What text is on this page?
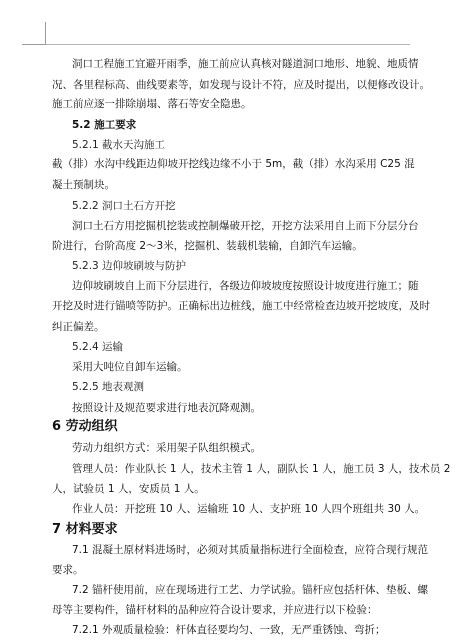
洞口工程施工宜避开雨季，施工前应认真核对隧道洞口地形、地貌、地质情
况、各里程标高、曲线要素等，如发现与设计不符，应及时提出，以便修改设计。
施工前应逐一排除崩塌、落石等安全隐患。
5.2 施工要求
5.2.1 截水天沟施工
截（排）水沟中线距边仰坡开挖线边缘不小于 5m，截（排）水沟采用 C25 混
凝土预制块。
5.2.2 洞口土石方开挖
洞口土石方用挖掘机挖装或控制爆破开挖，开挖方法采用自上而下分层分台
阶进行，台阶高度 2～3米，挖掘机、装载机装输，自卸汽车运输。
5.2.3 边仰坡刷坡与防护
边仰坡刷坡自上而下分层进行，各级边仰坡坡度按照设计坡度进行施工；随
开挖及时进行锚喷等防护。正确标出边桩线，施工中经常检查边坡开挖坡度，及时
纠正偏差。
5.2.4 运输
采用大吨位自卸车运输。
5.2.5 地表观测
按照设计及规范要求进行地表沉降观测。
6 劳动组织
劳动力组织方式：采用架子队组织模式。
管理人员：作业队长 1 人，技术主管 1 人，副队长 1 人，施工员 3 人，技术员 2
人，试验员 1 人，安质员 1 人。
作业人员：开挖班 10 人、运输班 10 人、支护班 10 人四个班组共 30 人。
7 材料要求
7.1 混凝土原材料进场时，必须对其质量指标进行全面检查，应符合现行规范
要求。
7.2 锚杆使用前，应在现场进行工艺、力学试验。锚杆应包括杆体、垫板、螺
母等主要构件，锚杆材料的品种应符合设计要求，并应进行以下检验：
7.2.1 外观质量检验：杆体直径要均匀、一致，无严重锈蚀、弯折；
